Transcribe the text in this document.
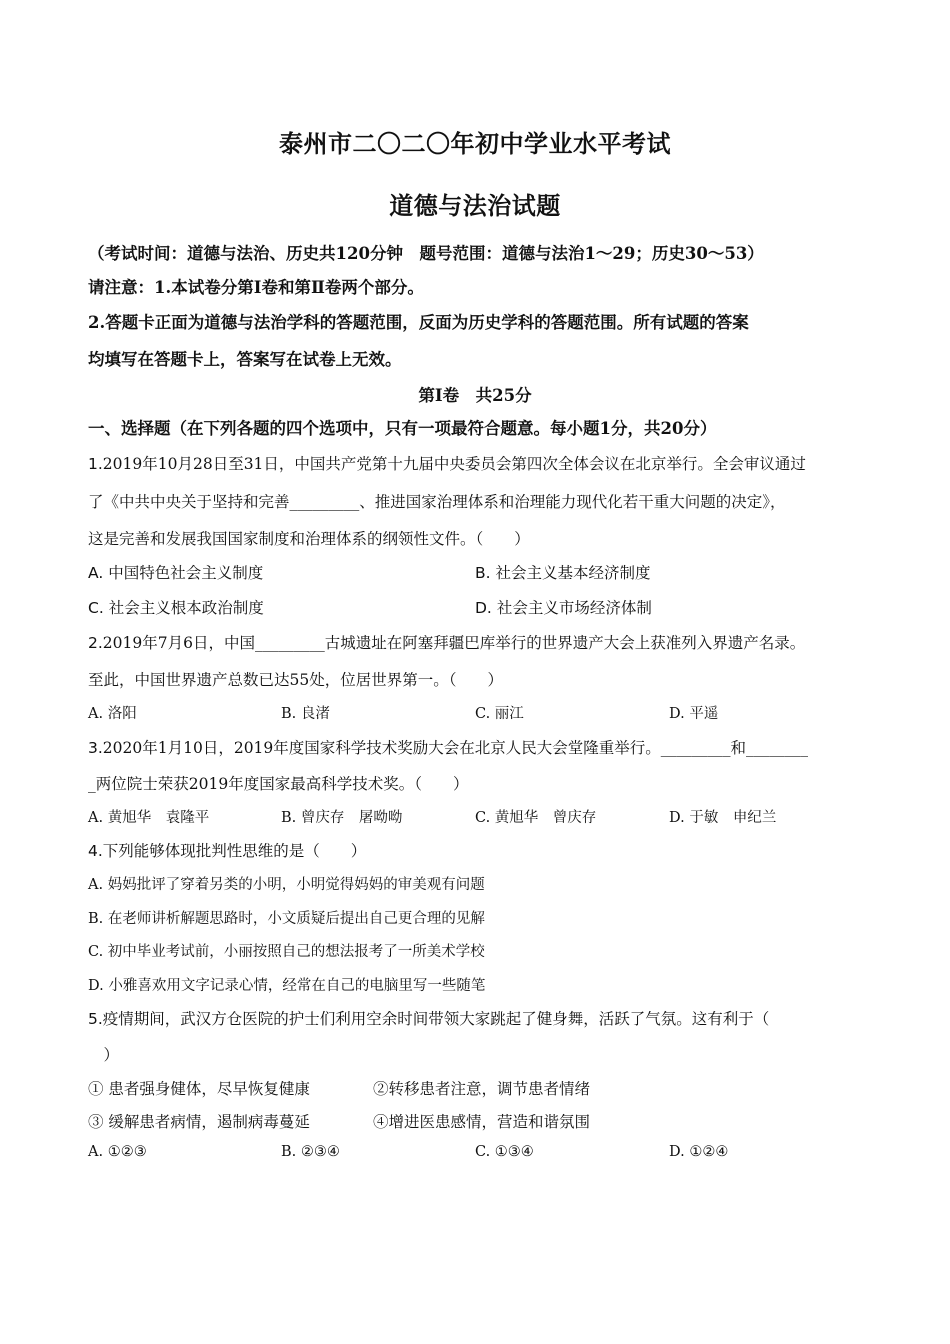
泰州市二〇二〇年初中学业水平考试
道德与法治试题
（考试时间：道德与法治、历史共120分钟　题号范围：道德与法治1～29；历史30～53）
请注意：1.本试卷分第Ⅰ卷和第Ⅱ卷两个部分。
2.答题卡正面为道德与法治学科的答题范围，反面为历史学科的答题范围。所有试题的答案
均填写在答题卡上，答案写在试卷上无效。
第Ⅰ卷　共25分
一、选择题（在下列各题的四个选项中，只有一项最符合题意。每小题1分，共20分）
1.2019年10月28日至31日，中国共产党第十九届中央委员会第四次全体会议在北京举行。全会审议通过
了《中共中央关于坚持和完善_________、推进国家治理体系和治理能力现代化若干重大问题的决定》，
这是完善和发展我国国家制度和治理体系的纲领性文件。（　　）
A. 中国特色社会主义制度	B. 社会主义基本经济制度
C. 社会主义根本政治制度	D. 社会主义市场经济体制
2.2019年7月6日，中国_________古城遗址在阿塞拜疆巴库举行的世界遗产大会上获准列入界遗产名录。
至此，中国世界遗产总数已达55处，位居世界第一。（　　）
A. 洛阳	B. 良渚	C. 丽江	D. 平遥
3.2020年1月10日，2019年度国家科学技术奖励大会在北京人民大会堂隆重举行。_________和________
_两位院士荣获2019年度国家最高科学技术奖。（　　）
A. 黄旭华　袁隆平	B. 曾庆存　屠呦呦	C. 黄旭华　曾庆存	D. 于敏　申纪兰
4.下列能够体现批判性思维的是（　　）
A. 妈妈批评了穿着另类的小明，小明觉得妈妈的审美观有问题
B. 在老师讲析解题思路时，小文质疑后提出自己更合理的见解
C. 初中毕业考试前，小丽按照自己的想法报考了一所美术学校
D. 小雅喜欢用文字记录心情，经常在自己的电脑里写一些随笔
5.疫情期间，武汉方仓医院的护士们利用空余时间带领大家跳起了健身舞，活跃了气氛。这有利于（
　）
① 患者强身健体，尽早恢复健康	②转移患者注意，调节患者情绪
③ 缓解患者病情，遏制病毒蔓延	④增进医患感情，营造和谐氛围
A. ①②③	B. ②③④	C. ①③④	D. ①②④
